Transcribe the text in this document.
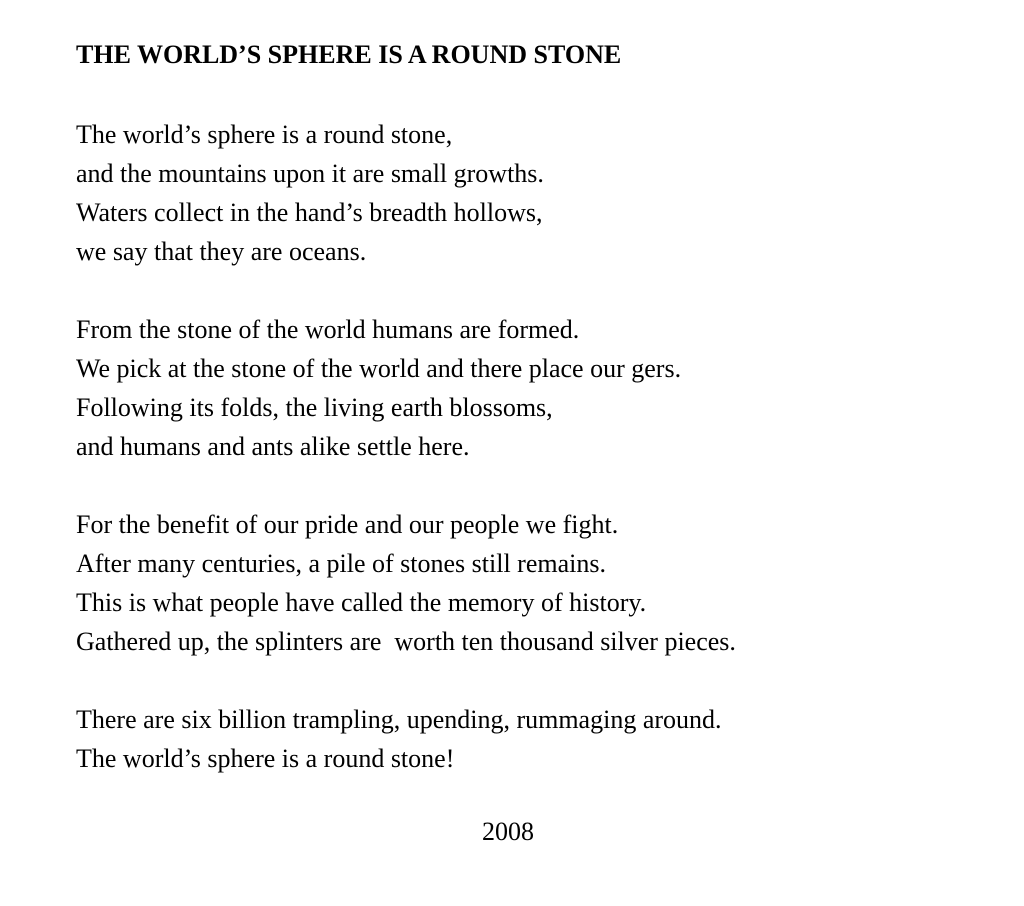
THE WORLD’S SPHERE IS A ROUND STONE
The world’s sphere is a round stone,
and the mountains upon it are small growths.
Waters collect in the hand’s breadth hollows,
we say that they are oceans.
From the stone of the world humans are formed.
We pick at the stone of the world and there place our gers.
Following its folds, the living earth blossoms,
and humans and ants alike settle here.
For the benefit of our pride and our people we fight.
After many centuries, a pile of stones still remains.
This is what people have called the memory of history.
Gathered up, the splinters are  worth ten thousand silver pieces.
There are six billion trampling, upending, rummaging around.
The world’s sphere is a round stone!
2008
